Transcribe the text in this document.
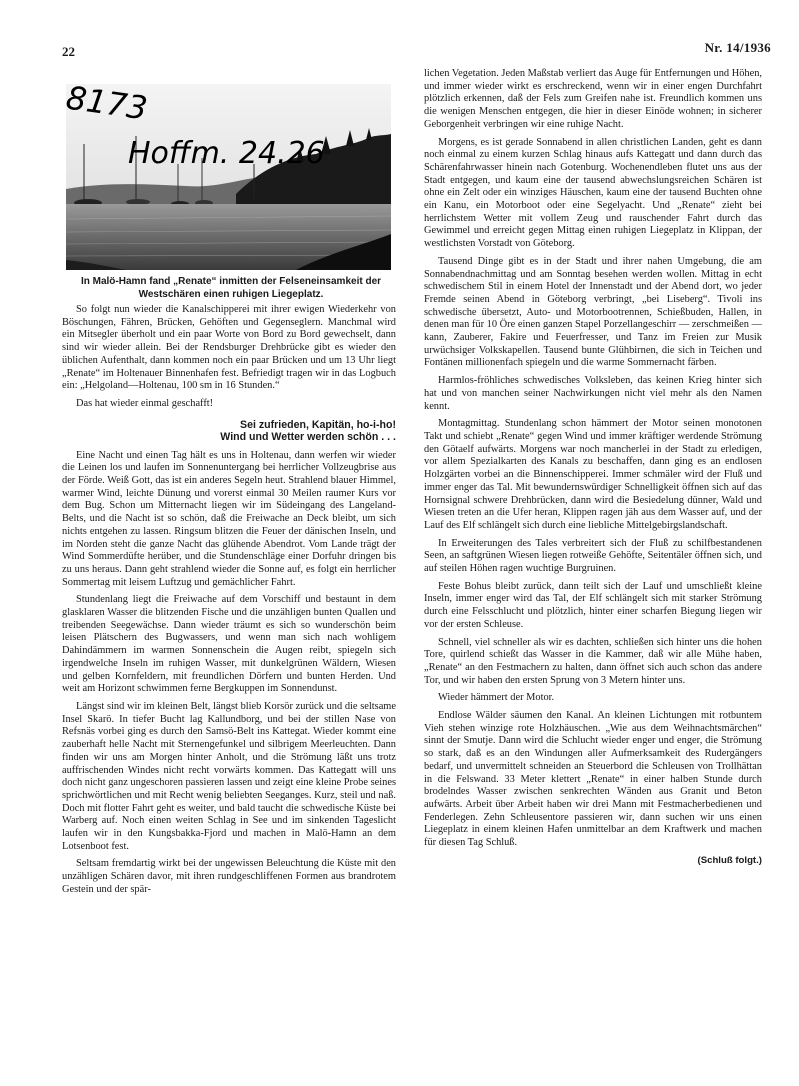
22	Nr. 14/1936
8173
Hoffm. 24.26
In Malö-Hamn fand „Renate“ inmitten der Felseneinsamkeit der
Westschären einen ruhigen Liegeplatz.

So folgt nun wieder die Kanalschipperei mit ihrer ewigen Wiederkehr von Böschungen, Fähren, Brücken, Gehöften und Gegenseglern. Manchmal wird ein Mitsegler überholt und ein paar Worte von Bord zu Bord gewechselt, dann sind wir wieder allein. Bei der Rendsburger Drehbrücke gibt es wieder den üblichen Aufenthalt, dann kommen noch ein paar Brücken und um 13 Uhr liegt „Renate“ im Holtenauer Binnenhafen fest. Befriedigt tragen wir in das Logbuch ein: „Helgoland—Holtenau, 100 sm in 16 Stunden.“

Das hat wieder einmal geschafft!

Sei zufrieden, Kapitän, ho-i-ho!
Wind und Wetter werden schön . . .

Eine Nacht und einen Tag hält es uns in Holtenau, dann werfen wir wieder die Leinen los und laufen im Sonnenuntergang bei herrlicher Vollzeugbrise aus der Förde. Weiß Gott, das ist ein anderes Segeln heut. Strahlend blauer Himmel, warmer Wind, leichte Dünung und vorerst einmal 30 Meilen raumer Kurs vor dem Bug. Schon um Mitternacht liegen wir im Südeingang des Langeland-Belts, und die Nacht ist so schön, daß die Freiwache an Deck bleibt, um sich nichts entgehen zu lassen. Ringsum blitzen die Feuer der dänischen Inseln, und im Norden steht die ganze Nacht das glühende Abendrot. Vom Lande trägt der Wind Sommerdüfte herüber, und die Stundenschläge einer Dorfuhr dringen bis zu uns heraus. Dann geht strahlend wieder die Sonne auf, es folgt ein herrlicher Sommertag mit leisem Luftzug und gemächlicher Fahrt.

Stundenlang liegt die Freiwache auf dem Vorschiff und bestaunt in dem glasklaren Wasser die blitzenden Fische und die unzähligen bunten Quallen und treibenden Seegewächse. Dann wieder träumt es sich so wunderschön beim leisen Plätschern des Bugwassers, und wenn man sich nach wohligem Dahindämmern im warmen Sonnenschein die Augen reibt, spiegeln sich irgendwelche Inseln im ruhigen Wasser, mit dunkelgrünen Wäldern, Wiesen und gelben Kornfeldern, mit freundlichen Dörfern und bunten Herden. Und weit am Horizont schwimmen ferne Bergkuppen im Sonnendunst.

Längst sind wir im kleinen Belt, längst blieb Korsör zurück und die seltsame Insel Skarö. In tiefer Bucht lag Kallundborg, und bei der stillen Nase von Refsnäs vorbei ging es durch den Samsö-Belt ins Kattegat. Wieder kommt eine zauberhaft helle Nacht mit Sternengefunkel und silbrigem Meerleuchten. Dann finden wir uns am Morgen hinter Anholt, und die Strömung läßt uns trotz auffrischenden Windes nicht recht vorwärts kommen. Das Kattegatt will uns doch nicht ganz ungeschoren passieren lassen und zeigt eine kleine Probe seines sprichwörtlichen und mit Recht wenig beliebten Seeganges. Kurz, steil und naß. Doch mit flotter Fahrt geht es weiter, und bald taucht die schwedische Küste bei Warberg auf. Noch einen weiten Schlag in See und im sinkenden Tageslicht laufen wir in den Kungsbakka-Fjord und machen in Malö-Hamn an dem Lotsenboot fest.

Seltsam fremdartig wirkt bei der ungewissen Beleuchtung die Küste mit den unzähligen Schären davor, mit ihren rundgeschliffenen Formen aus brandrotem Gestein und der spär-

lichen Vegetation. Jeden Maßstab verliert das Auge für Entfernungen und Höhen, und immer wieder wirkt es erschreckend, wenn wir in einer engen Durchfahrt plötzlich erkennen, daß der Fels zum Greifen nahe ist. Freundlich kommen uns die wenigen Menschen entgegen, die hier in dieser Einöde wohnen; in sicherer Geborgenheit verbringen wir eine ruhige Nacht.

Morgens, es ist gerade Sonnabend in allen christlichen Landen, geht es dann noch einmal zu einem kurzen Schlag hinaus aufs Kattegatt und dann durch das Schärenfahrwasser hinein nach Gotenburg. Wochenendleben flutet uns aus der Stadt entgegen, und kaum eine der tausend abwechslungsreichen Schären ist ohne ein Zelt oder ein winziges Häuschen, kaum eine der tausend Buchten ohne ein Kanu, ein Motorboot oder eine Segelyacht. Und „Renate“ zieht bei herrlichstem Wetter mit vollem Zeug und rauschender Fahrt durch das Gewimmel und erreicht gegen Mittag einen ruhigen Liegeplatz in Klippan, der westlichsten Vorstadt von Göteborg.

Tausend Dinge gibt es in der Stadt und ihrer nahen Umgebung, die am Sonnabendnachmittag und am Sonntag besehen werden wollen. Mittag in echt schwedischem Stil in einem Hotel der Innenstadt und der Abend dort, wo jeder Fremde seinen Abend in Göteborg verbringt, „bei Liseberg“. Tivoli ins schwedische übersetzt, Auto- und Motorbootrennen, Schießbuden, Hallen, in denen man für 10 Öre einen ganzen Stapel Porzellangeschirr — zerschmeißen — kann, Zauberer, Fakire und Feuerfresser, und Tanz im Freien zur Musik urwüchsiger Volkskapellen. Tausend bunte Glühbirnen, die sich in Teichen und Fontänen millionenfach spiegeln und die warme Sommernacht färben.

Harmlos-fröhliches schwedisches Volksleben, das keinen Krieg hinter sich hat und von manchen seiner Nachwirkungen nicht viel mehr als den Namen kennt.

Montagmittag. Stundenlang schon hämmert der Motor seinen monotonen Takt und schiebt „Renate“ gegen Wind und immer kräftiger werdende Strömung den Götaelf aufwärts. Morgens war noch mancherlei in der Stadt zu erledigen, vor allem Spezialkarten des Kanals zu beschaffen, dann ging es an endlosen Holzgärten vorbei an die Binnenschipperei. Immer schmäler wird der Fluß und immer enger das Tal. Mit bewundernswürdiger Schnelligkeit öffnen sich auf das Hornsignal schwere Drehbrücken, dann wird die Besiedelung dünner, Wald und Wiesen treten an die Ufer heran, Klippen ragen jäh aus dem Wasser auf, und der Lauf des Elf schlängelt sich durch eine liebliche Mittelgebirgslandschaft.

In Erweiterungen des Tales verbreitert sich der Fluß zu schilfbestandenen Seen, an saftgrünen Wiesen liegen rotweiße Gehöfte, Seitentäler öffnen sich, und auf steilen Höhen ragen wuchtige Burgruinen.

Feste Bohus bleibt zurück, dann teilt sich der Lauf und umschließt kleine Inseln, immer enger wird das Tal, der Elf schlängelt sich mit starker Strömung durch eine Felsschlucht und plötzlich, hinter einer scharfen Biegung liegen wir vor der ersten Schleuse.

Schnell, viel schneller als wir es dachten, schließen sich hinter uns die hohen Tore, quirlend schießt das Wasser in die Kammer, daß wir alle Mühe haben, „Renate“ an den Festmachern zu halten, dann öffnet sich auch schon das andere Tor, und wir haben den ersten Sprung von 3 Metern hinter uns.

Wieder hämmert der Motor.

Endlose Wälder säumen den Kanal. An kleinen Lichtungen mit rotbuntem Vieh stehen winzige rote Holzhäuschen. „Wie aus dem Weihnachtsmärchen“ sinnt der Smutje. Dann wird die Schlucht wieder enger und enger, die Strömung so stark, daß es an den Windungen aller Aufmerksamkeit des Rudergängers bedarf, und unvermittelt schneiden an Steuerbord die Schleusen von Trollhättan in die Felswand. 33 Meter klettert „Renate“ in einer halben Stunde durch brodelndes Wasser zwischen senkrechten Wänden aus Granit und Beton aufwärts. Arbeit über Arbeit haben wir drei Mann mit Festmacherbedienen und Fenderlegen. Zehn Schleusentore passieren wir, dann suchen wir uns einen Liegeplatz in einem kleinen Hafen unmittelbar an dem Kraftwerk und machen für diesen Tag Schluß.

(Schluß folgt.)
